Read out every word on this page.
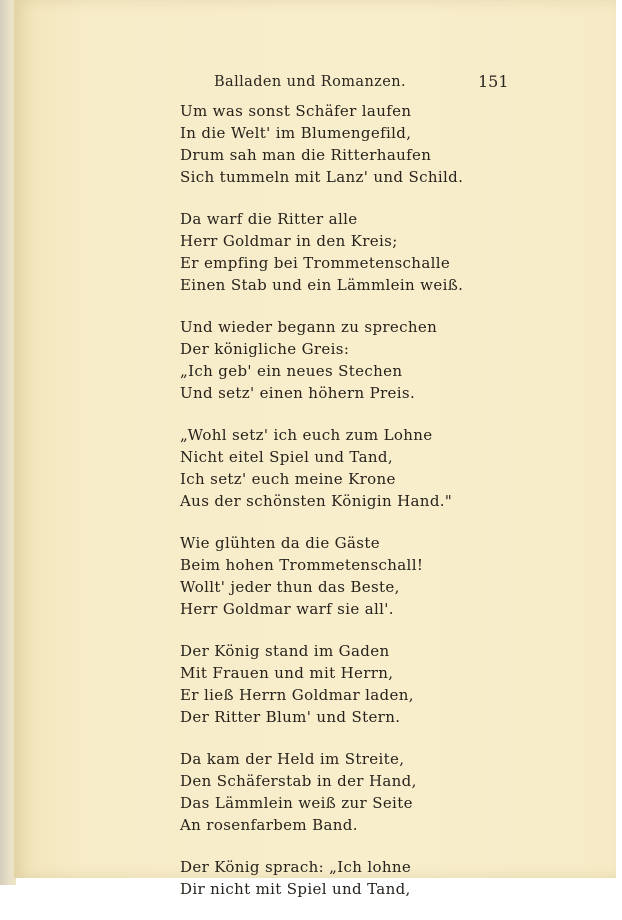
Balladen und Romanzen.	151
Um was sonst Schäfer laufen
In die Welt' im Blumengefild,
Drum sah man die Ritterhaufen
Sich tummeln mit Lanz' und Schild.
Da warf die Ritter alle
Herr Goldmar in den Kreis;
Er empfing bei Trommetenschalle
Einen Stab und ein Lämmlein weiß.
Und wieder begann zu sprechen
Der königliche Greis:
„Ich geb' ein neues Stechen
Und setz' einen höhern Preis.
„Wohl setz' ich euch zum Lohne
Nicht eitel Spiel und Tand,
Ich setz' euch meine Krone
Aus der schönsten Königin Hand."
Wie glühten da die Gäste
Beim hohen Trommetenschall!
Wollt' jeder thun das Beste,
Herr Goldmar warf sie all'.
Der König stand im Gaden
Mit Frauen und mit Herrn,
Er ließ Herrn Goldmar laden,
Der Ritter Blum' und Stern.
Da kam der Held im Streite,
Den Schäferstab in der Hand,
Das Lämmlein weiß zur Seite
An rosenfarbem Band.
Der König sprach: „Ich lohne
Dir nicht mit Spiel und Tand,
